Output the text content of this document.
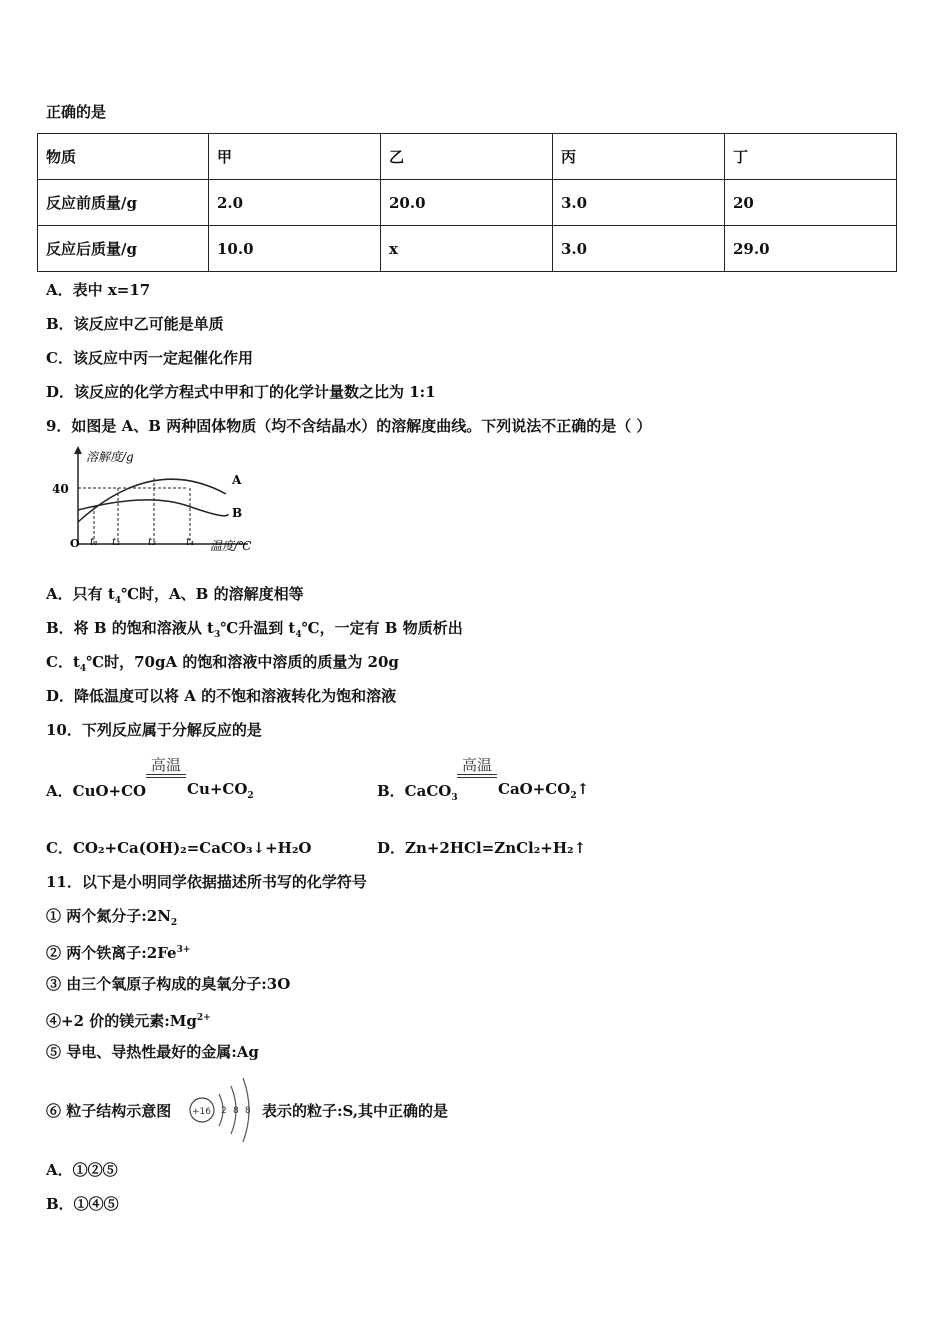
正确的是
物质	甲	乙	丙	丁
反应前质量/g	2.0	20.0	3.0	20
反应后质量/g	10.0	x	3.0	29.0
A．表中 x=17
B．该反应中乙可能是单质
C．该反应中丙一定起催化作用
D．该反应的化学方程式中甲和丁的化学计量数之比为 1:1
9．如图是 A、B 两种固体物质（均不含结晶水）的溶解度曲线。下列说法不正确的是（ ）
溶解度/g
40
A
B
O t₁ t₂	t₃	t₄ 温度/℃
A．只有 $t_4℃$时，A、B 的溶解度相等
B．将 B 的饱和溶液从 $t_3℃$升温到 $t_4℃$，一定有 B 物质析出
C．$t_4℃$时，70gA 的饱和溶液中溶质的质量为 20g
D．降低温度可以将 A 的不饱和溶液转化为饱和溶液
10．下列反应属于分解反应的是
A．CuO+CO
高温
$Cu+CO_2$	B．CaCO$_3$
高温
$CaO+CO_2↑$
C．CO₂+Ca(OH)₂=CaCO₃↓+H₂O	D．Zn+2HCl=ZnCl₂+H₂↑
11．以下是小明同学依据描述所书写的化学符号
① 两个氮分子$:2N_2$
② 两个铁离子$:2Fe^{3+}$
③ 由三个氧原子构成的臭氧分子:3O
④+2 价的镁元素$:Mg^{2+}$
⑤ 导电、导热性最好的金属:Ag
⑥ 粒子结构示意图 +16 2 8 8 表示的粒子:S,其中正确的是
A．①②⑤
B．①④⑤
